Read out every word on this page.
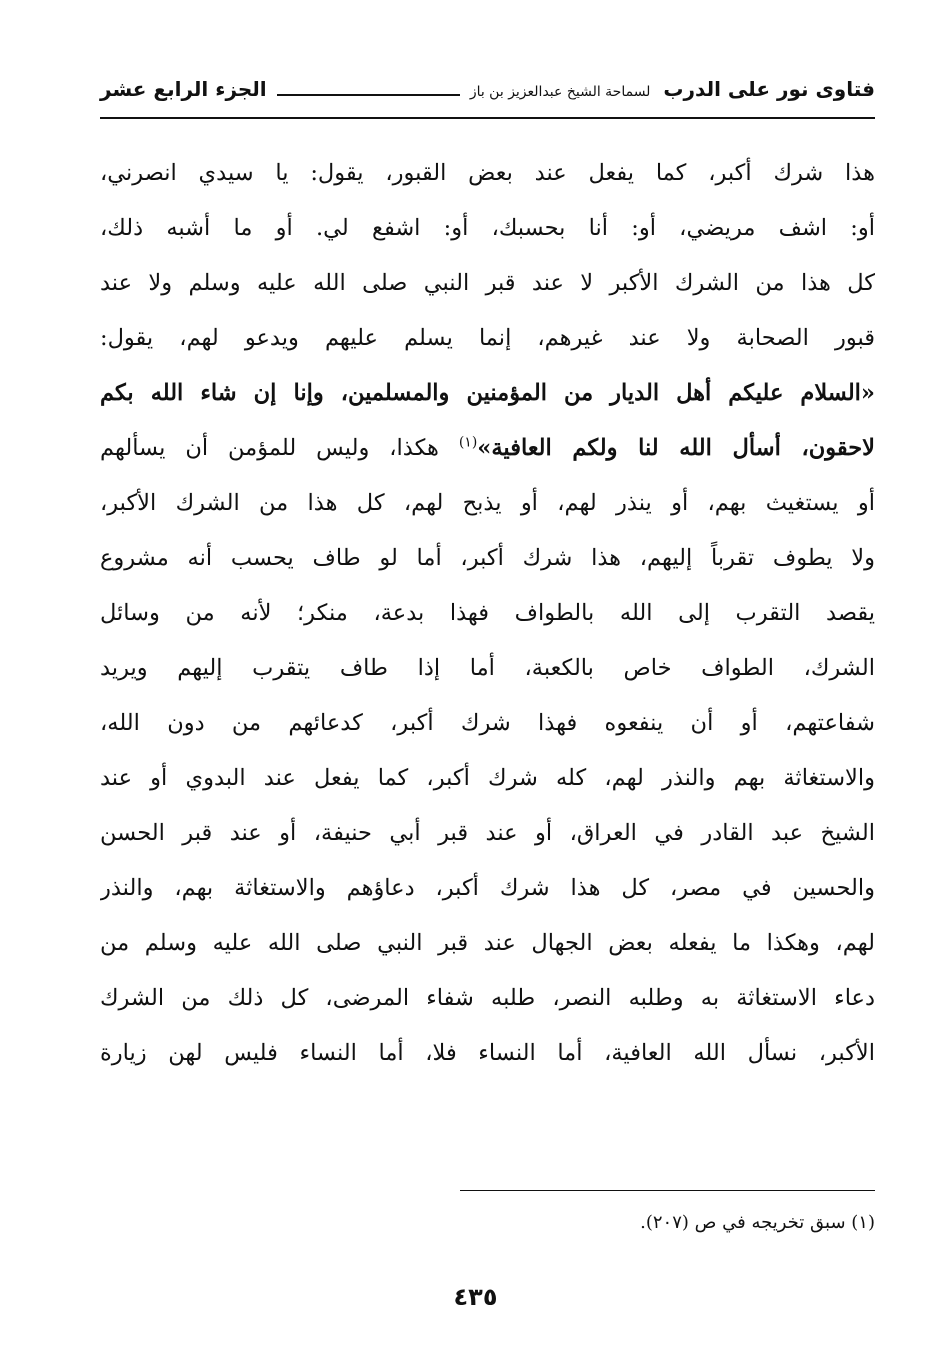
فتاوى نور على الدرب لسماحة الشيخ عبدالعزيز بن باز
الجزء الرابع عشر
هذا شرك أكبر، كما يفعل عند بعض القبور، يقول: يا سيدي انصرني،
أو: اشف مريضي، أو: أنا بحسبك، أو: اشفع لي. أو ما أشبه ذلك،
كل هذا من الشرك الأكبر لا عند قبر النبي صلى الله عليه وسلم ولا عند
قبور الصحابة ولا عند غيرهم، إنما يسلم عليهم ويدعو لهم، يقول:
«السلام عليكم أهل الديار من المؤمنين والمسلمين، وإنا إن شاء الله بكم
لاحقون، أسأل الله لنا ولكم العافية»$^{(١)}$ هكذا، وليس للمؤمن أن يسألهم
أو يستغيث بهم، أو ينذر لهم، أو يذبح لهم، كل هذا من الشرك الأكبر،
ولا يطوف تقرباً إليهم، هذا شرك أكبر، أما لو طاف يحسب أنه مشروع
يقصد التقرب إلى الله بالطواف فهذا بدعة، منكر؛ لأنه من وسائل
الشرك، الطواف خاص بالكعبة، أما إذا طاف يتقرب إليهم ويريد
شفاعتهم، أو أن ينفعوه فهذا شرك أكبر، كدعائهم من دون الله،
والاستغاثة بهم والنذر لهم، كله شرك أكبر، كما يفعل عند البدوي أو عند
الشيخ عبد القادر في العراق، أو عند قبر أبي حنيفة، أو عند قبر الحسن
والحسين في مصر، كل هذا شرك أكبر، دعاؤهم والاستغاثة بهم، والنذر
لهم، وهكذا ما يفعله بعض الجهال عند قبر النبي صلى الله عليه وسلم من
دعاء الاستغاثة به وطلبه النصر، طلبه شفاء المرضى، كل ذلك من الشرك
الأكبر، نسأل الله العافية، أما النساء فلا، أما النساء فليس لهن زيارة
(١) سبق تخريجه في ص (٢٠٧).
٤٣٥
